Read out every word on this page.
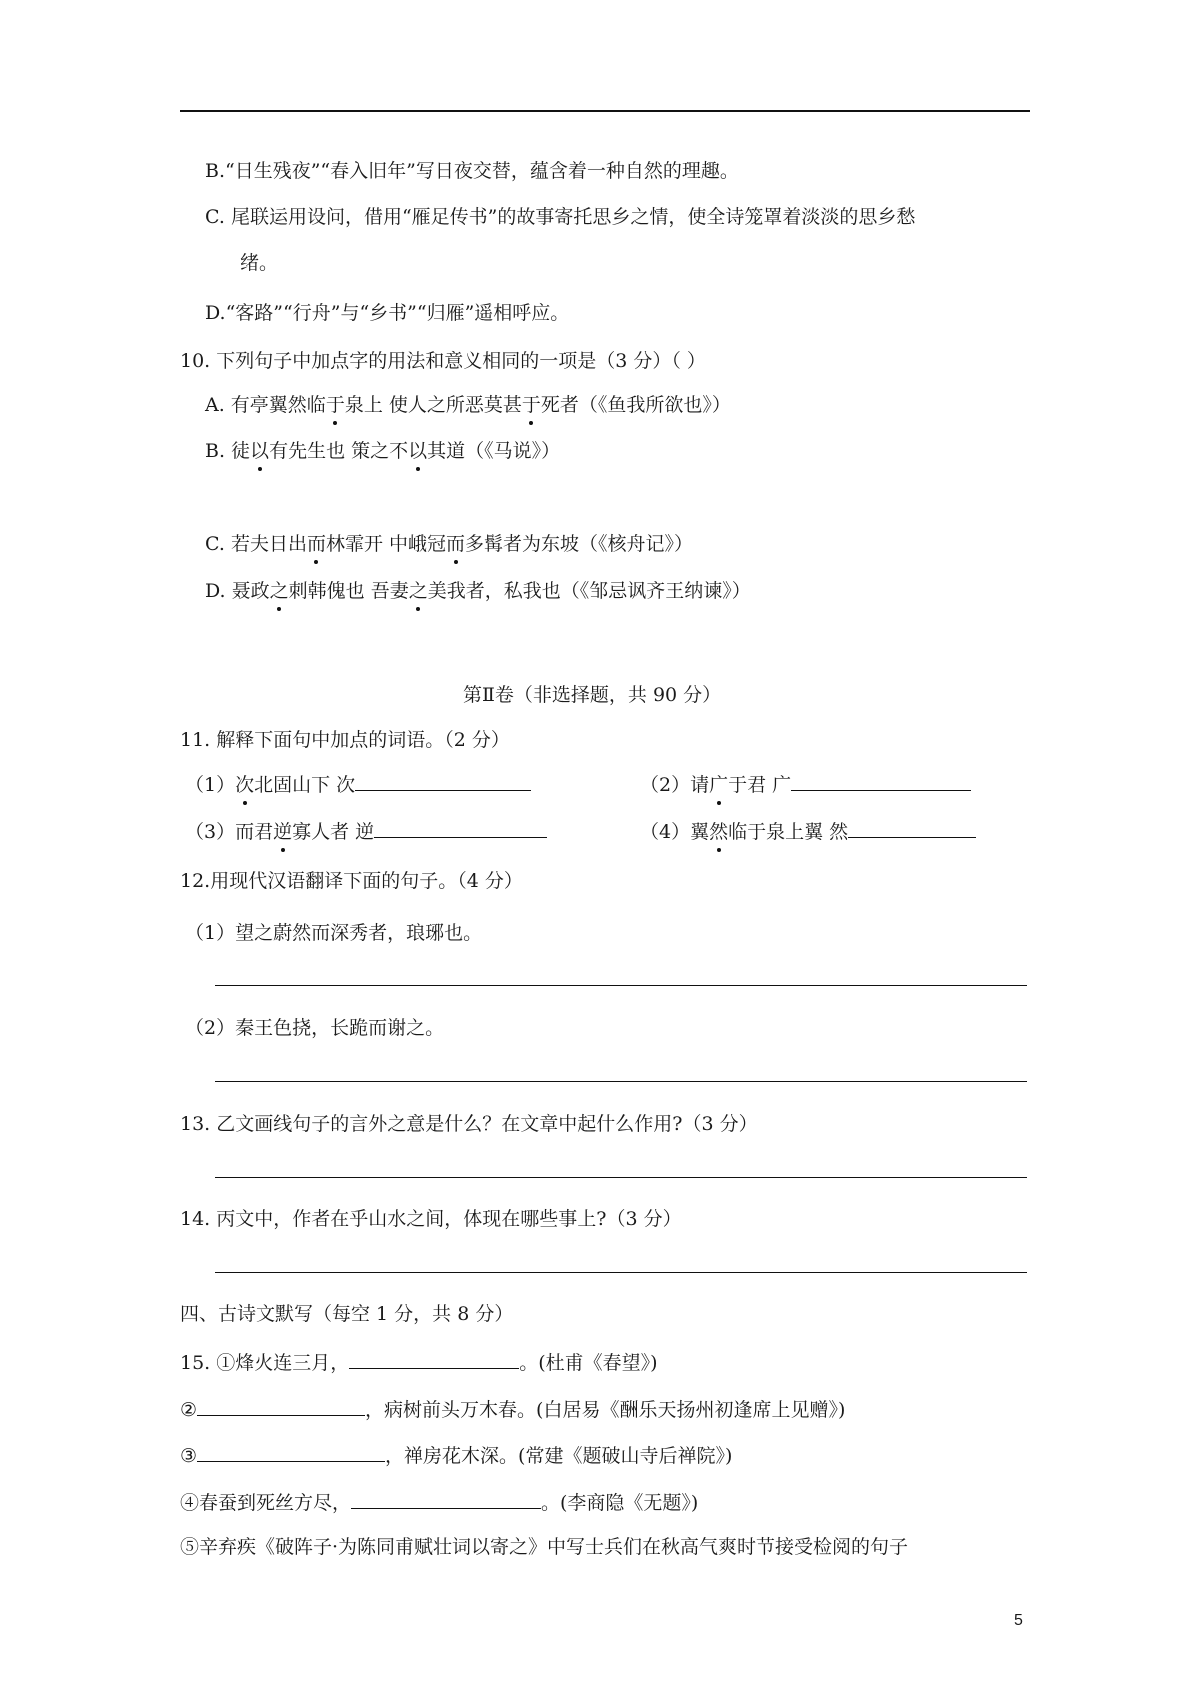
B.“日生残夜”“春入旧年”写日夜交替，蕴含着一种自然的理趣。
C. 尾联运用设问，借用“雁足传书”的故事寄托思乡之情，使全诗笼罩着淡淡的思乡愁
绪。
D.“客路”“行舟”与“乡书”“归雁”遥相呼应。
10. 下列句子中加点字的用法和意义相同的一项是（3 分）（ ）
A. 有亭翼然临于泉上 使人之所恶莫甚于死者（《鱼我所欲也》）
B. 徒以有先生也 策之不以其道（《马说》）
C. 若夫日出而林霏开 中峨冠而多髯者为东坡（《核舟记》）
D. 聂政之刺韩傀也 吾妻之美我者，私我也（《邹忌讽齐王纳谏》）
第Ⅱ卷（非选择题，共 90 分）
11. 解释下面句中加点的词语。（2 分）
（1）次北固山下 次	（2）请广于君 广
（3）而君逆寡人者 逆	（4）翼然临于泉上翼 然
12.用现代汉语翻译下面的句子。（4 分）
（1）望之蔚然而深秀者，琅琊也。
（2）秦王色挠，长跪而谢之。
13. 乙文画线句子的言外之意是什么？在文章中起什么作用?（3 分）
14. 丙文中，作者在乎山水之间，体现在哪些事上?（3 分）
四、古诗文默写（每空 1 分，共 8 分）
15. ①烽火连三月，	。(杜甫《春望》)
②	，病树前头万木春。(白居易《酬乐天扬州初逢席上见赠》)
③	，禅房花木深。(常建《题破山寺后禅院》)
④春蚕到死丝方尽，	。(李商隐《无题》)
⑤辛弃疾《破阵子·为陈同甫赋壮词以寄之》中写士兵们在秋高气爽时节接受检阅的句子
5
